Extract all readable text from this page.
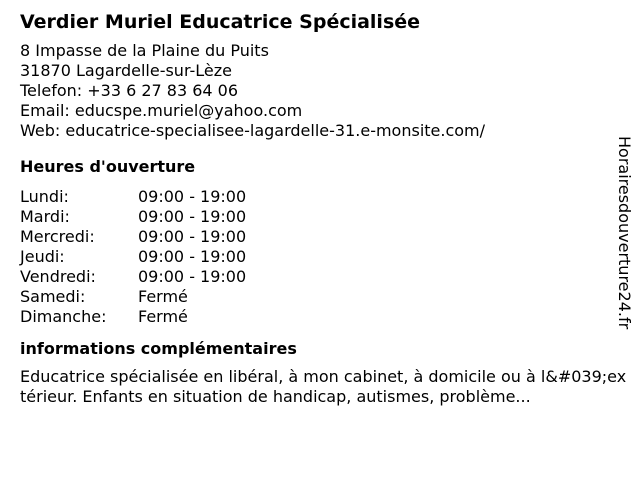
Verdier Muriel Educatrice Spécialisée
8 Impasse de la Plaine du Puits
31870 Lagardelle-sur-Lèze
Telefon: +33 6 27 83 64 06
Email: educspe.muriel@yahoo.com
Web: educatrice-specialisee-lagardelle-31.e-monsite.com/
Heures d'ouverture
Lundi:	09:00 - 19:00
Mardi:	09:00 - 19:00
Mercredi:	09:00 - 19:00
Jeudi:	09:00 - 19:00
Vendredi:	09:00 - 19:00
Samedi:	Fermé
Dimanche: Fermé
informations complémentaires
Educatrice spécialisée en libéral, à mon cabinet, à domicile ou à l&#039;extérieur. Enfants en situation de handicap, autismes, problème...
Horairesdouverture24.fr
